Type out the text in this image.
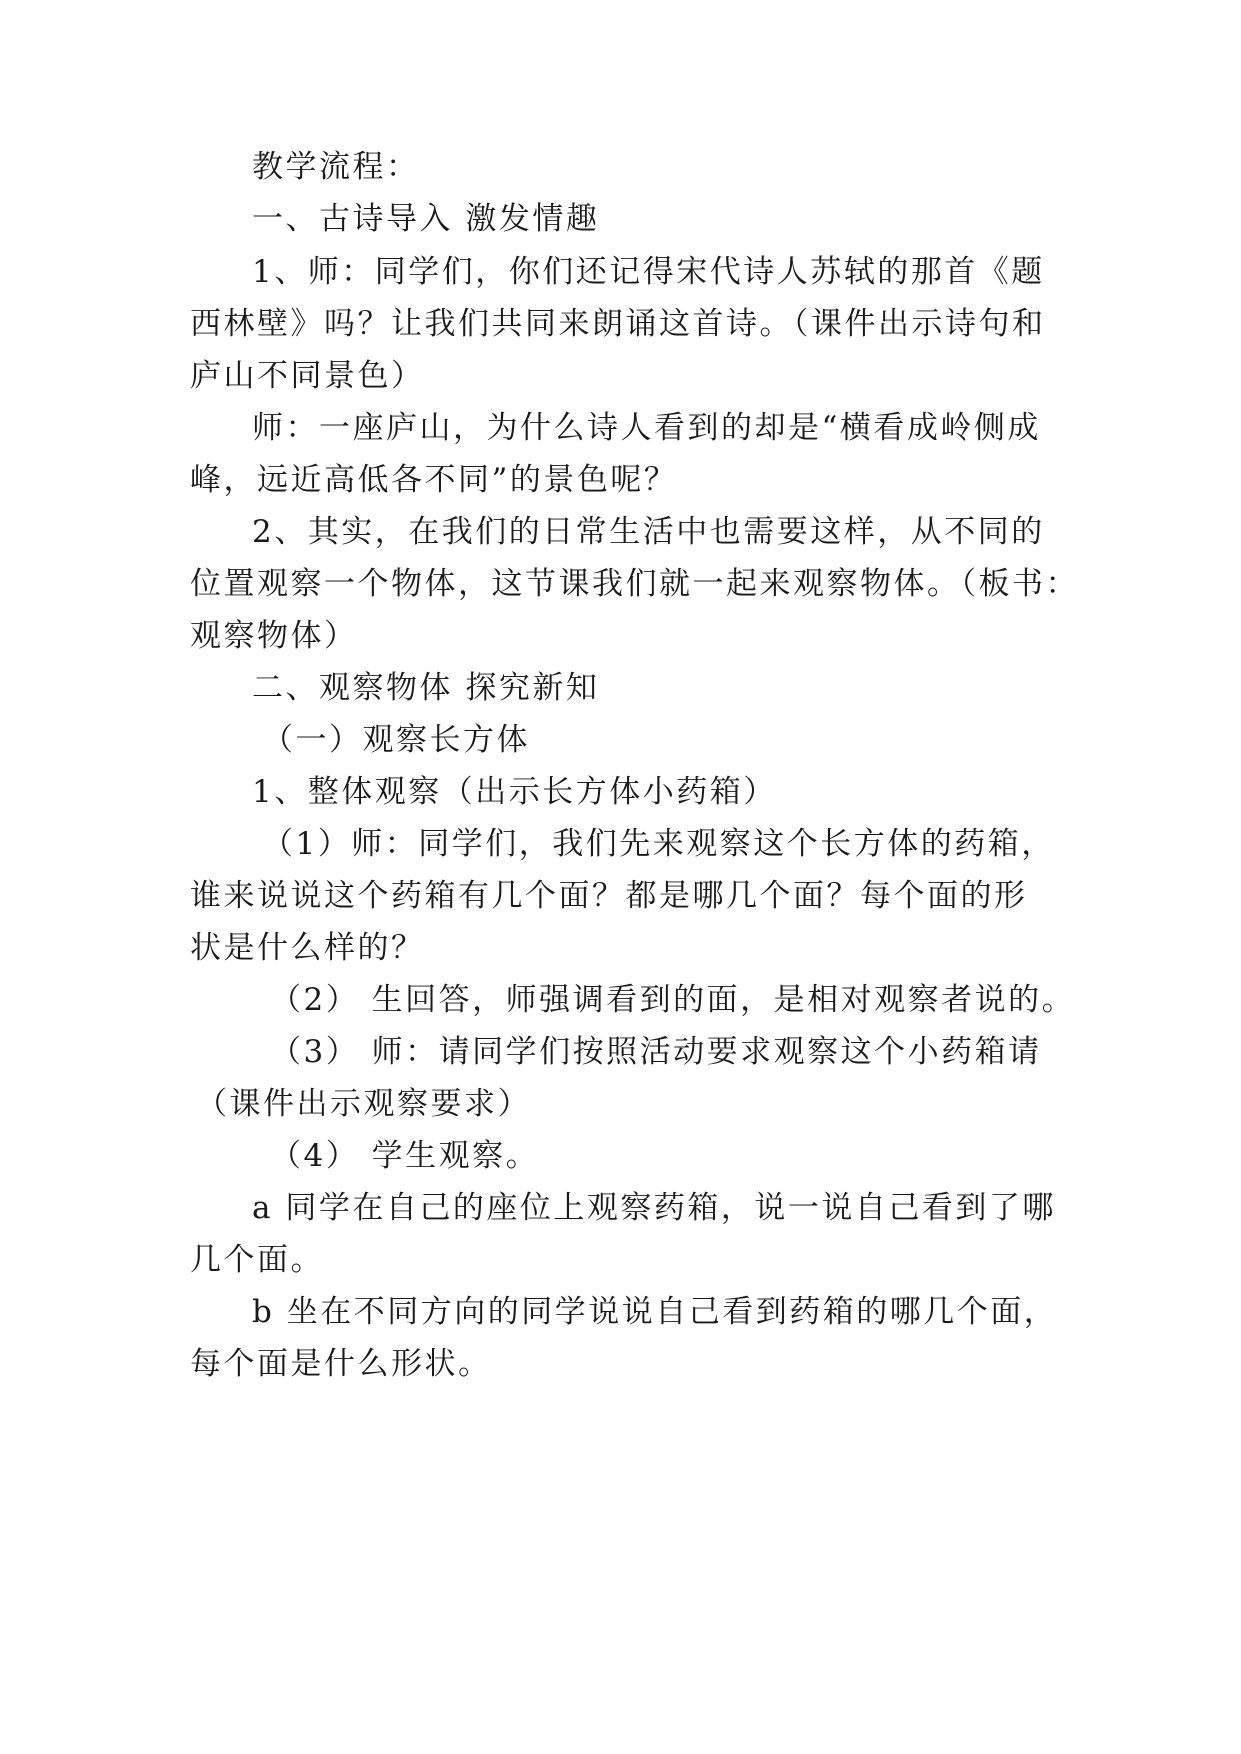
教学流程：
一、古诗导入 激发情趣
1、师：同学们，你们还记得宋代诗人苏轼的那首《题
西林壁》吗？让我们共同来朗诵这首诗。（课件出示诗句和
庐山不同景色）
师：一座庐山，为什么诗人看到的却是“横看成岭侧成
峰，远近高低各不同”的景色呢？
2、其实，在我们的日常生活中也需要这样，从不同的
位置观察一个物体，这节课我们就一起来观察物体。（板书：
观察物体）
二、观察物体 探究新知
（一）观察长方体
1、整体观察（出示长方体小药箱）
（1）师：同学们，我们先来观察这个长方体的药箱，
谁来说说这个药箱有几个面？都是哪几个面？每个面的形
状是什么样的？
（2） 生回答，师强调看到的面，是相对观察者说的。
（3） 师：请同学们按照活动要求观察这个小药箱请
（课件出示观察要求）
（4） 学生观察。
a 同学在自己的座位上观察药箱，说一说自己看到了哪
几个面。
b 坐在不同方向的同学说说自己看到药箱的哪几个面，
每个面是什么形状。
